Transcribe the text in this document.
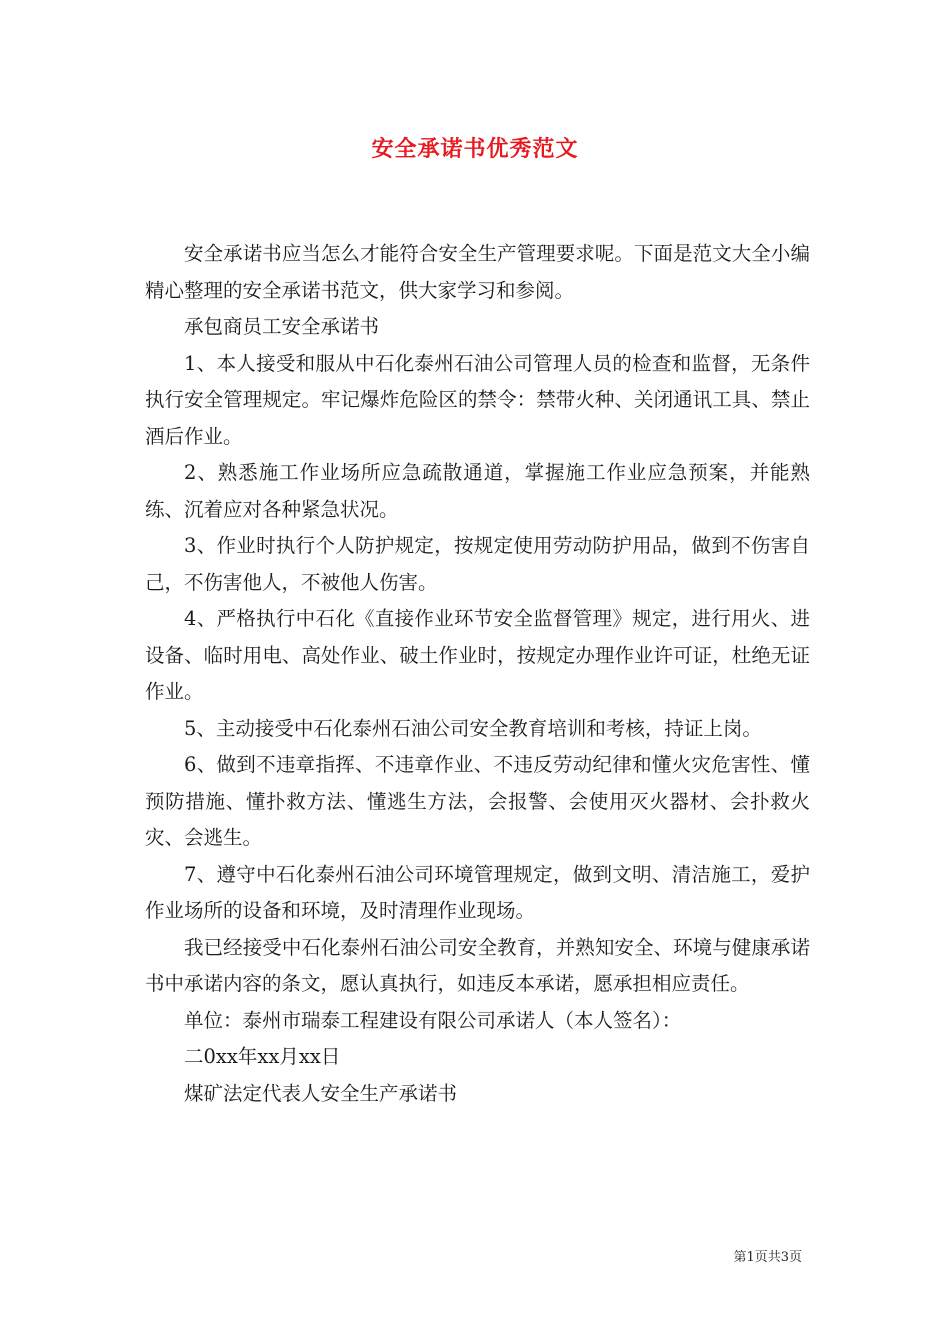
安全承诺书优秀范文

安全承诺书应当怎么才能符合安全生产管理要求呢。下面是范文大全小编精心整理的安全承诺书范文，供大家学习和参阅。

承包商员工安全承诺书

1、本人接受和服从中石化泰州石油公司管理人员的检查和监督，无条件执行安全管理规定。牢记爆炸危险区的禁令：禁带火种、关闭通讯工具、禁止酒后作业。

2、熟悉施工作业场所应急疏散通道，掌握施工作业应急预案，并能熟练、沉着应对各种紧急状况。

3、作业时执行个人防护规定，按规定使用劳动防护用品，做到不伤害自己，不伤害他人，不被他人伤害。

4、严格执行中石化《直接作业环节安全监督管理》规定，进行用火、进设备、临时用电、高处作业、破土作业时，按规定办理作业许可证，杜绝无证作业。

5、主动接受中石化泰州石油公司安全教育培训和考核，持证上岗。

6、做到不违章指挥、不违章作业、不违反劳动纪律和懂火灾危害性、懂预防措施、懂扑救方法、懂逃生方法，会报警、会使用灭火器材、会扑救火灾、会逃生。

7、遵守中石化泰州石油公司环境管理规定，做到文明、清洁施工，爱护作业场所的设备和环境，及时清理作业现场。

我已经接受中石化泰州石油公司安全教育，并熟知安全、环境与健康承诺书中承诺内容的条文，愿认真执行，如违反本承诺，愿承担相应责任。

单位：泰州市瑞泰工程建设有限公司承诺人（本人签名）：

二0xx年xx月xx日

煤矿法定代表人安全生产承诺书

第1页共3页
